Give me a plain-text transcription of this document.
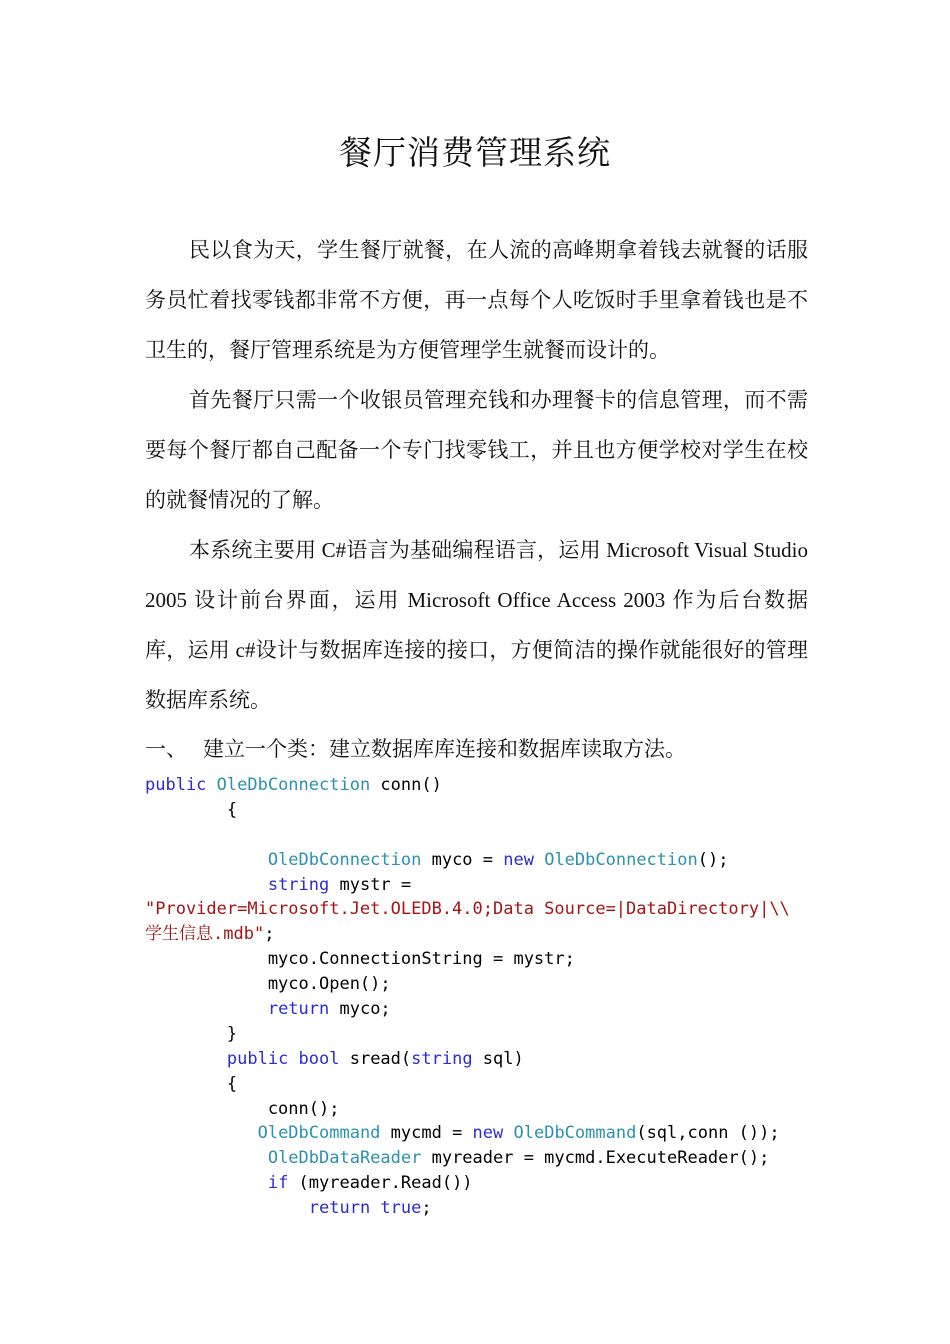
餐厅消费管理系统

民以食为天，学生餐厅就餐，在人流的高峰期拿着钱去就餐的话服务员忙着找零钱都非常不方便，再一点每个人吃饭时手里拿着钱也是不卫生的，餐厅管理系统是为方便管理学生就餐而设计的。

首先餐厅只需一个收银员管理充钱和办理餐卡的信息管理，而不需要每个餐厅都自己配备一个专门找零钱工，并且也方便学校对学生在校的就餐情况的了解。

本系统主要用 C#语言为基础编程语言，运用 Microsoft Visual Studio 2005 设计前台界面，运用 Microsoft Office Access 2003 作为后台数据库，运用 c#设计与数据库连接的接口，方便简洁的操作就能很好的管理数据库系统。

一、 建立一个类：建立数据库库连接和数据库读取方法。
public OleDbConnection conn()
{
OleDbConnection myco = new OleDbConnection();
string mystr =
"Provider=Microsoft.Jet.OLEDB.4.0;Data Source=|DataDirectory|\\
学生信息.mdb";
myco.ConnectionString = mystr;
myco.Open();
return myco;
}
public bool sread(string sql)
{
conn();
OleDbCommand mycmd = new OleDbCommand(sql,conn ());
OleDbDataReader myreader = mycmd.ExecuteReader();
if (myreader.Read())
return true;
